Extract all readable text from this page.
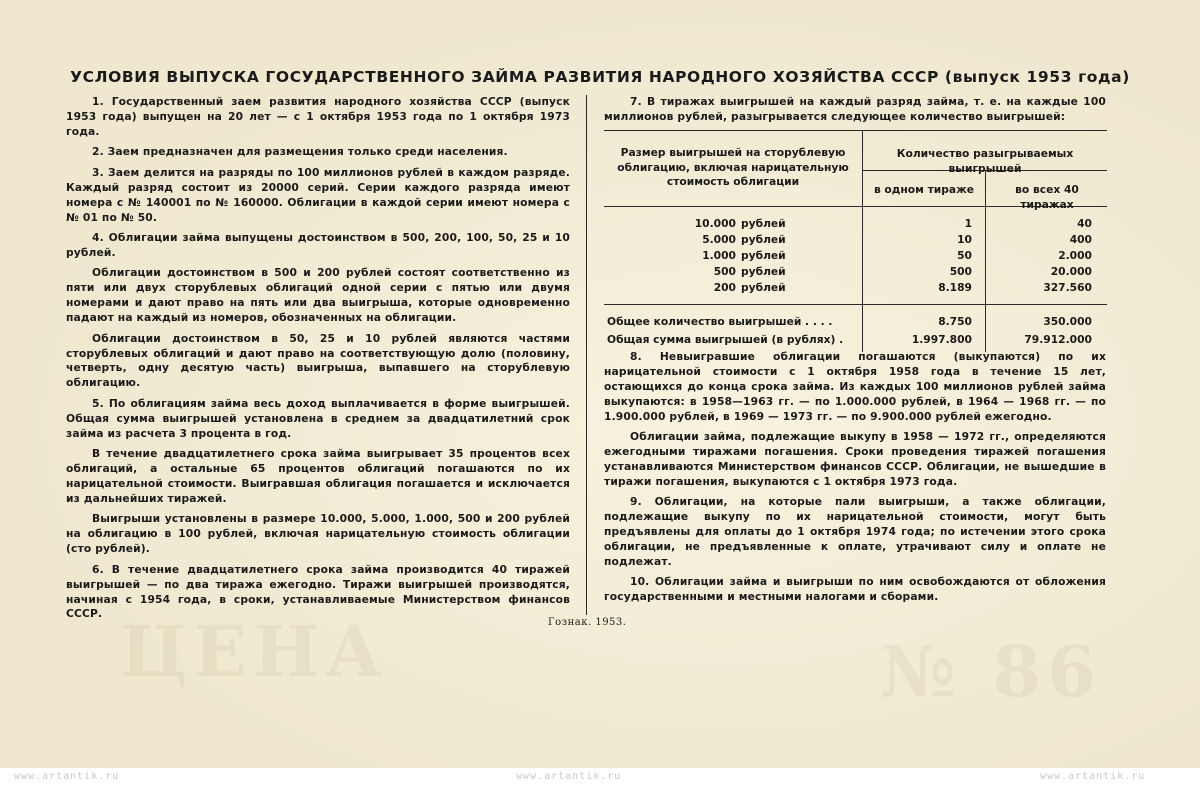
ЦЕНА	№ 86
УСЛОВИЯ ВЫПУСКА ГОСУДАРСТВЕННОГО ЗАЙМА РАЗВИТИЯ НАРОДНОГО ХОЗЯЙСТВА СССР (выпуск 1953 года)

1. Государственный заем развития народного хозяйства СССР (выпуск 1953 года) выпущен на 20 лет — с 1 октября 1953 года по 1 октября 1973 года.

2. Заем предназначен для размещения только среди населения.

3. Заем делится на разряды по 100 миллионов рублей в каждом разряде. Каждый разряд состоит из 20000 серий. Серии каждого разряда имеют номера с № 140001 по № 160000. Облигации в каждой серии имеют номера с № 01 по № 50.

4. Облигации займа выпущены достоинством в 500, 200, 100, 50, 25 и 10 рублей.

Облигации достоинством в 500 и 200 рублей состоят соответственно из пяти или двух сторублевых облигаций одной серии с пятью или двумя номерами и дают право на пять или два выигрыша, которые одновременно падают на каждый из номеров, обозначенных на облигации.

Облигации достоинством в 50, 25 и 10 рублей являются частями сторублевых облигаций и дают право на соответствующую долю (половину, четверть, одну десятую часть) выигрыша, выпавшего на сторублевую облигацию.

5. По облигациям займа весь доход выплачивается в форме выигрышей. Общая сумма выигрышей установлена в среднем за двадцатилетний срок займа из расчета 3 процента в год.

В течение двадцатилетнего срока займа выигрывает 35 процентов всех облигаций, а остальные 65 процентов облигаций погашаются по их нарицательной стоимости. Выигравшая облигация погашается и исключается из дальнейших тиражей.

Выигрыши установлены в размере 10.000, 5.000, 1.000, 500 и 200 рублей на облигацию в 100 рублей, включая нарицательную стоимость облигации (сто рублей).

6. В течение двадцатилетнего срока займа производится 40 тиражей выигрышей — по два тиража ежегодно. Тиражи выигрышей производятся, начиная с 1954 года, в сроки, устанавливаемые Министерством финансов СССР.

7. В тиражах выигрышей на каждый разряд займа, т. е. на каждые 100 миллионов рублей, разыгрывается следующее количество выигрышей:

Размер выигрышей на сторублевую облигацию, включая нарицательную стоимость облигации
Количество разыгрываемых выигрышей
в одном тираже	во всех 40 тиражах
10.000 рублей	1	40
5.000 рублей	10	400
1.000 рублей	50	2.000
500 рублей	500	20.000
200 рублей	8.189	327.560
Общее количество выигрышей . . . .	8.750	350.000
Общая сумма выигрышей (в рублях) .	1.997.800	79.912.000

8. Невыигравшие облигации погашаются (выкупаются) по их нарицательной стоимости с 1 октября 1958 года в течение 15 лет, остающихся до конца срока займа. Из каждых 100 миллионов рублей займа выкупаются: в 1958—1963 гг. — по 1.000.000 рублей, в 1964 — 1968 гг. — по 1.900.000 рублей, в 1969 — 1973 гг. — по 9.900.000 рублей ежегодно.

Облигации займа, подлежащие выкупу в 1958 — 1972 гг., определяются ежегодными тиражами погашения. Сроки проведения тиражей погашения устанавливаются Министерством финансов СССР. Облигации, не вышедшие в тиражи погашения, выкупаются с 1 октября 1973 года.

9. Облигации, на которые пали выигрыши, а также облигации, подлежащие выкупу по их нарицательной стоимости, могут быть предъявлены для оплаты до 1 октября 1974 года; по истечении этого срока облигации, не предъявленные к оплате, утрачивают силу и оплате не подлежат.

10. Облигации займа и выигрыши по ним освобождаются от обложения государственными и местными налогами и сборами.

Гознак. 1953.
www.artantik.ru	www.artantik.ru	www.artantik.ru
